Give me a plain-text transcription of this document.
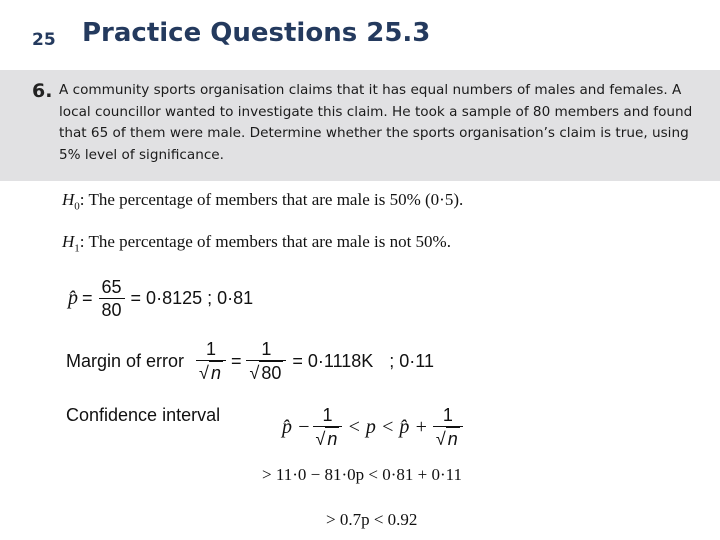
25 Practice Questions 25.3
6. A community sports organisation claims that it has equal numbers of males and females. A local councillor wanted to investigate this claim. He took a sample of 80 members and found that 65 of them were male. Determine whether the sports organisation’s claim is true, using 5% level of significance.
$H_0$: The percentage of members that are male is 50% (0·5).
$H_1$: The percentage of members that are male is not 50%.
p̂ = $\frac{65}{80} = 0\cdot 8125$ ; 0·81
Margin of error $\frac{1}{√ n} = \frac{1}{√ 80} = 0\cdot 1118K$ ; 0·11
Confidence interval
p̂ − $\frac{1}{√ n} < p$ < p̂ + $\frac{1}{√ n}$
> 11·0 − 81·0p < 0·81 + 0·11
> 0.7p < 0.92
